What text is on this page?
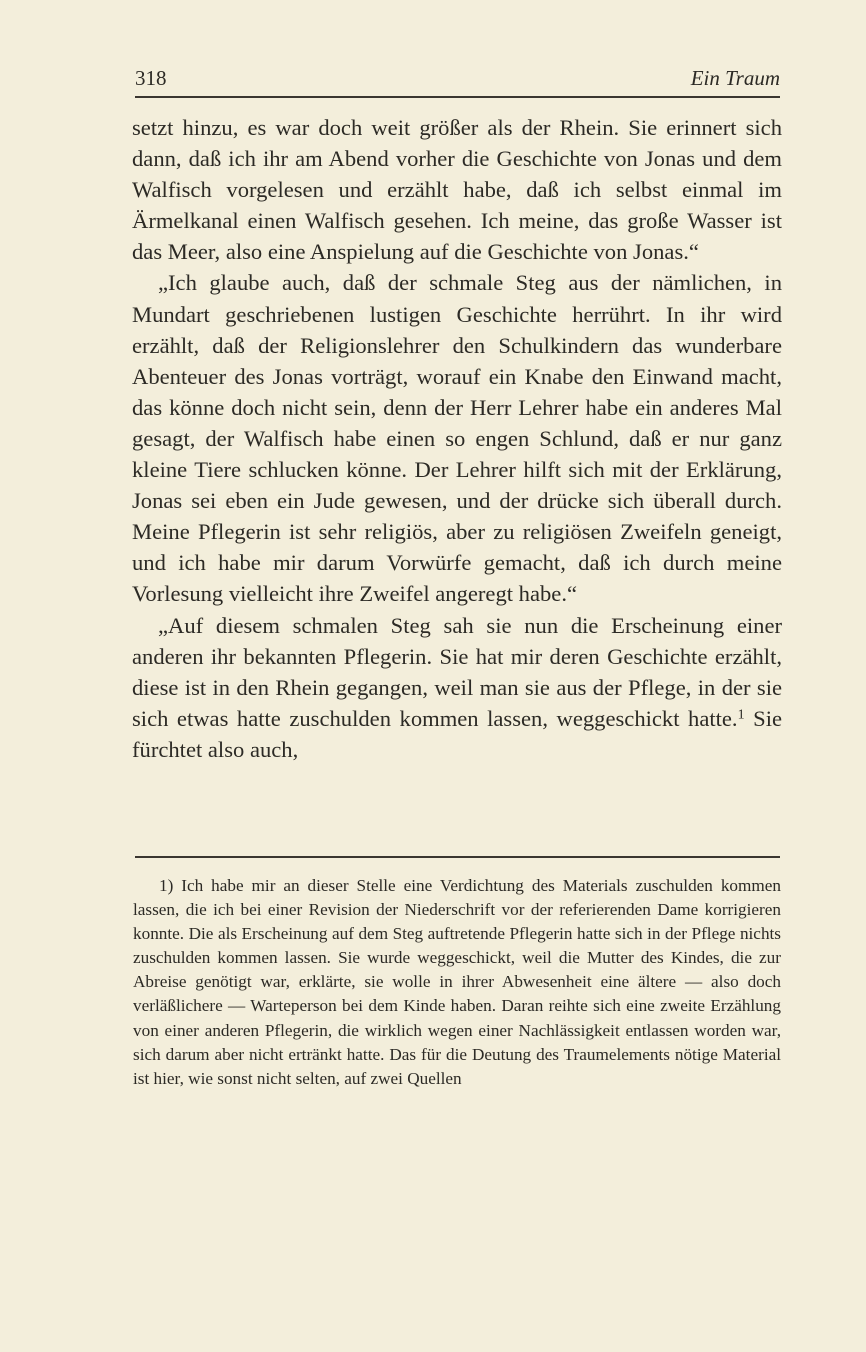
318	Ein Traum

setzt hinzu, es war doch weit größer als der Rhein. Sie erinnert sich dann, daß ich ihr am Abend vorher die Geschichte von Jonas und dem Walfisch vorgelesen und erzählt habe, daß ich selbst einmal im Ärmelkanal einen Walfisch gesehen. Ich meine, das große Wasser ist das Meer, also eine Anspielung auf die Geschichte von Jonas.“

„Ich glaube auch, daß der schmale Steg aus der nämlichen, in Mundart geschriebenen lustigen Geschichte herrührt. In ihr wird erzählt, daß der Religionslehrer den Schulkindern das wunderbare Abenteuer des Jonas vorträgt, worauf ein Knabe den Einwand macht, das könne doch nicht sein, denn der Herr Lehrer habe ein anderes Mal gesagt, der Walfisch habe einen so engen Schlund, daß er nur ganz kleine Tiere schlucken könne. Der Lehrer hilft sich mit der Erklärung, Jonas sei eben ein Jude gewesen, und der drücke sich überall durch. Meine Pflegerin ist sehr religiös, aber zu religiösen Zweifeln geneigt, und ich habe mir darum Vorwürfe gemacht, daß ich durch meine Vorlesung vielleicht ihre Zweifel angeregt habe.“

„Auf diesem schmalen Steg sah sie nun die Erscheinung einer anderen ihr bekannten Pflegerin. Sie hat mir deren Geschichte erzählt, diese ist in den Rhein gegangen, weil man sie aus der Pflege, in der sie sich etwas hatte zuschulden kommen lassen, weggeschickt hatte.$^1$ Sie fürchtet also auch,

1) Ich habe mir an dieser Stelle eine Verdichtung des Materials zuschulden kommen lassen, die ich bei einer Revision der Niederschrift vor der referierenden Dame korrigieren konnte. Die als Erscheinung auf dem Steg auftretende Pflegerin hatte sich in der Pflege nichts zuschulden kommen lassen. Sie wurde weggeschickt, weil die Mutter des Kindes, die zur Abreise genötigt war, erklärte, sie wolle in ihrer Abwesenheit eine ältere — also doch verläßlichere — Warteperson bei dem Kinde haben. Daran reihte sich eine zweite Erzählung von einer anderen Pflegerin, die wirklich wegen einer Nachlässigkeit entlassen worden war, sich darum aber nicht ertränkt hatte. Das für die Deutung des Traumelements nötige Material ist hier, wie sonst nicht selten, auf zwei Quellen
